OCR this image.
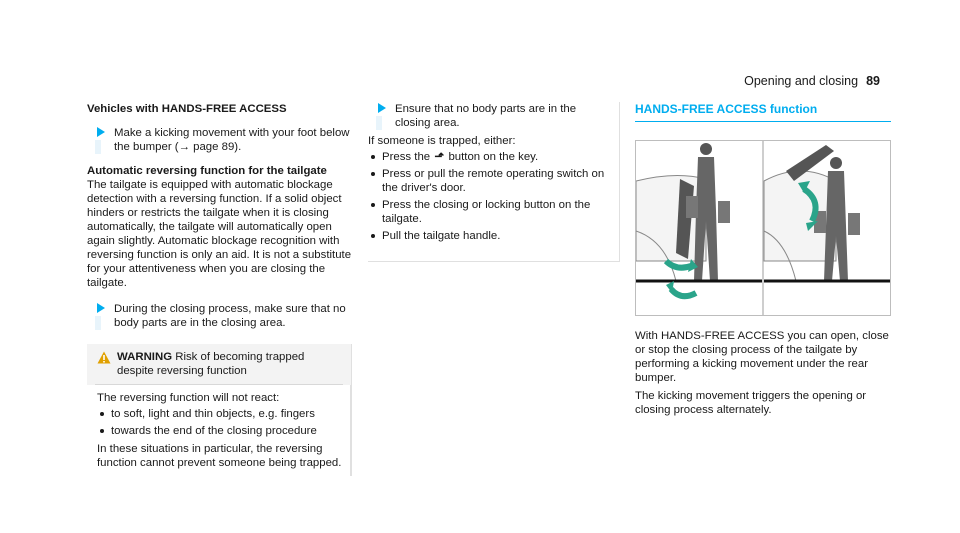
Opening and closing 89
Vehicles with HANDS-FREE ACCESS

Make a kicking movement with your foot below the bumper (→ page 89).

Automatic reversing function for the tailgate

The tailgate is equipped with automatic blockage detection with a reversing function. If a solid object hinders or restricts the tailgate when it is closing automatically, the tailgate will automatically open again slightly. Automatic blockage recognition with reversing function is only an aid. It is not a substitute for your attentiveness when you are closing the tailgate.

During the closing process, make sure that no body parts are in the closing area.

WARNING Risk of becoming trapped despite reversing function

The reversing function will not react:

to soft, light and thin objects, e.g. fingers
towards the end of the closing procedure

In these situations in particular, the reversing function cannot prevent someone being trapped.

Ensure that no body parts are in the closing area.

If someone is trapped, either:

Press the ⬏ button on the key.
Press or pull the remote operating switch on the driver's door.
Press the closing or locking button on the tailgate.
Pull the tailgate handle.
HANDS-FREE ACCESS function

With HANDS-FREE ACCESS you can open, close or stop the closing process of the tailgate by performing a kicking movement under the rear bumper.

The kicking movement triggers the opening or closing process alternately.
